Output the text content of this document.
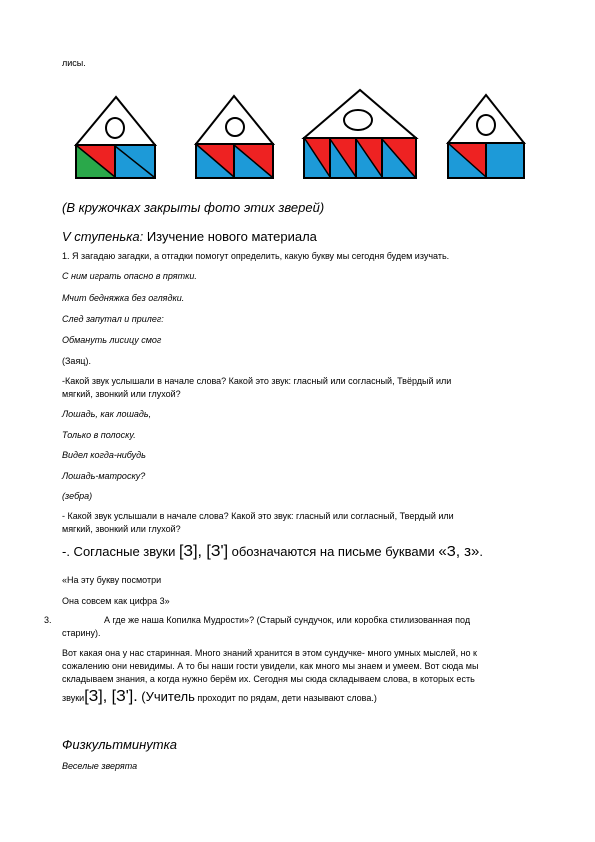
лисы.
(В кружочках закрыты фото этих зверей)
V ступенька: Изучение нового материала
1. Я загадаю загадки, а отгадки помогут определить, какую букву мы сегодня будем изучать.
С ним играть опасно в прятки.
Мчит бедняжка без оглядки.
След запутал и прилег:
Обмануть лисицу смог
(Заяц).
-Какой звук услышали в начале слова? Какой это звук: гласный или согласный, Твёрдый или
мягкий, звонкий или глухой?
Лошадь, как лошадь,
Только в полоску.
Видел когда-нибудь
Лошадь-матроску?
(зебра)
- Какой звук услышали в начале слова? Какой это звук: гласный или согласный, Твердый или
мягкий, звонкий или глухой?
-. Согласные звуки [З], [З'] обозначаются на письме буквами «З, з».
«На эту букву посмотри
Она совсем как цифра 3»
3.	А где же наша Копилка Мудрости»? (Старый сундучок, или коробка стилизованная под
старину).
Вот какая она у нас старинная. Много знаний хранится в этом сундучке- много умных мыслей, но к
сожалению они невидимы. А то бы наши гости увидели, как много мы знаем и умеем. Вот сюда мы
складываем знания, а когда нужно берём их. Сегодня мы сюда складываем слова, в которых есть
звуки[З], [З']. (Учитель проходит по рядам, дети называют слова.)
Физкультминутка
Веселые зверята
